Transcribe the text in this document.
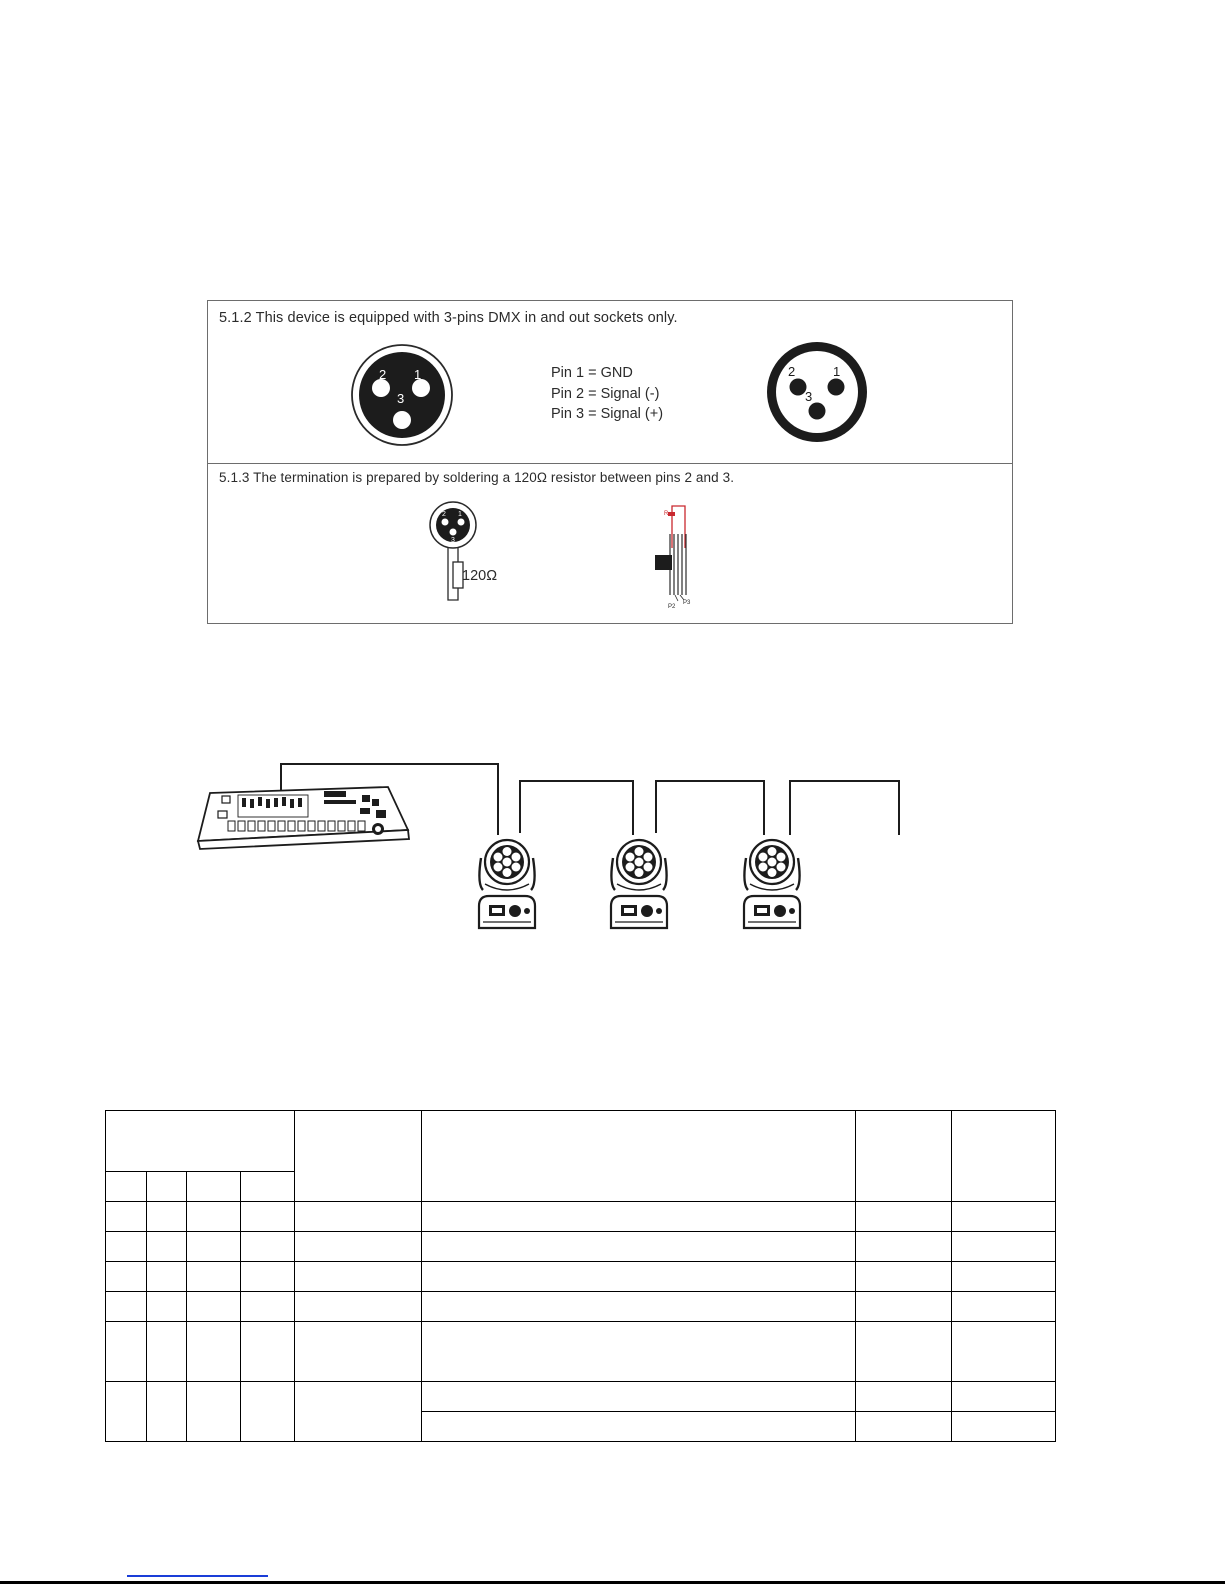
5.1.2 This device is equipped with 3-pins DMX in and out sockets only.
Pin 1 = GND
Pin 2 = Signal (-)
Pin 3 = Signal (+)
5.1.3 The termination is prepared by soldering a 120Ω resistor between pins 2 and 3.
2 1
3
2	1
3
2 1
3
120Ω
R
P2
P3
